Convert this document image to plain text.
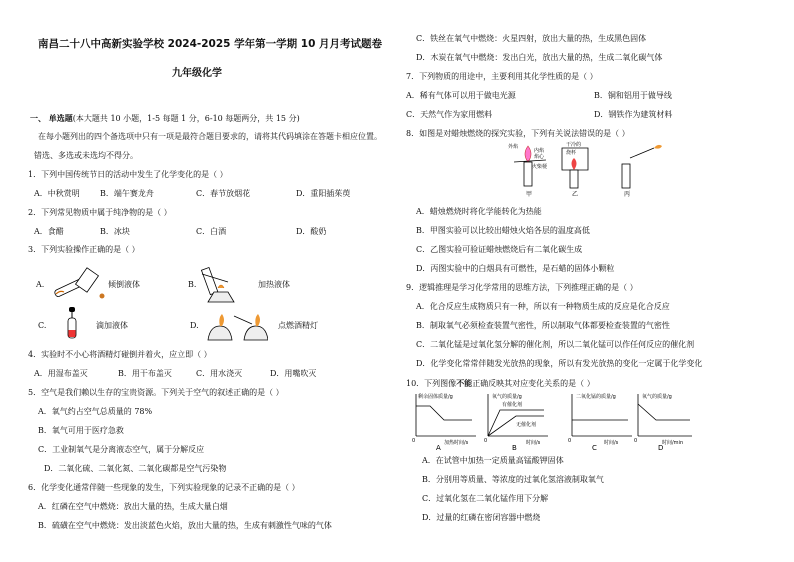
南昌二十八中高新实验学校 2024-2025 学年第一学期 10 月月考试题卷
九年级化学
一、 单选题(本大题共 10 小题，1-5 每题 1 分，6-10 每题两分，共 15 分)
在每小题列出的四个备选项中只有一项是最符合题目要求的，请将其代码填涂在答题卡相应位置。
错选、多选或未选均不得分。
1．下列中国传统节日的活动中发生了化学变化的是（ ）
A．中秋赏明	B．端午赛龙舟	C．春节放烟花	D．重阳插茱萸
2．下列常见物质中属于纯净物的是（ ）
A．食醋	B．冰块	C．白酒	D．酸奶
3．下列实验操作正确的是（ ）
A.	倾倒液体	B.	加热液体
C.	滴加液体	D.	点燃酒精灯
4．实验时不小心将酒精灯碰倒并着火，应立即（ ）
A．用湿布盖灭	B．用干布盖灭	C．用水浇灭	D．用嘴吹灭
5．空气是我们赖以生存的宝贵资源。下列关于空气的叙述正确的是（ ）
A．氧气约占空气总质量的 78%
B．氧气可用于医疗急救
C．工业制氧气是分离液态空气，属于分解反应
D．二氧化硫、二氧化氮、二氧化碳都是空气污染物
6．化学变化通常伴随一些现象的发生，下列实验现象的记录不正确的是（ ）
A．红磷在空气中燃烧：放出大量的热，生成大量白烟
B．硫磺在空气中燃烧：发出淡蓝色火焰，放出大量的热，生成有刺激性气味的气体
C．铁丝在氧气中燃烧：火星四射，放出大量的热，生成黑色固体
D．木炭在氧气中燃烧：发出白光，放出大量的热，生成二氧化碳气体
7．下列物质的用途中，主要利用其化学性质的是（ ）
A．稀有气体可以用于做电光源	B．铜和铝用于做导线
C．天然气作为家用燃料	D．钢铁作为建筑材料
8．如图是对蜡烛燃烧的探究实验，下列有关说法错误的是（ ）
外焰
内焰
焰心
干冷的
烧杯
火柴梗
甲	乙	丙
A．蜡烛燃烧时将化学能转化为热能
B．甲图实验可以比较出蜡烛火焰各层的温度高低
C．乙图实验可验证蜡烛燃烧后有二氧化碳生成
D．丙图实验中的白烟具有可燃性，是石蜡的固体小颗粒
9．逻辑推理是学习化学常用的思维方法，下列推理正确的是（ ）
A．化合反应生成物质只有一种，所以有一种物质生成的反应是化合反应
B．制取氧气必须检查装置气密性，所以制取气体都要检查装置的气密性
C．二氧化锰是过氧化氢分解的催化剂，所以二氧化锰可以作任何反应的催化剂
D．化学变化常常伴随发光放热的现象，所以有发光放热的变化一定属于化学变化
10．下列图像不能正确反映其对应变化关系的是（ ）
剩余固体质量/g
加热时间/s
0
A
氧气的质量/g
有催化剂
无催化剂
时间/s
0
B
二氧化锰的质量/g
时间/s
0
C
氧气的质量/g
时间/min
0
D
A．在试管中加热一定质量高锰酸钾固体
B．分别用等质量、等浓度的过氧化氢溶液制取氧气
C．过氧化氢在二氧化锰作用下分解
D．过量的红磷在密闭容器中燃烧
